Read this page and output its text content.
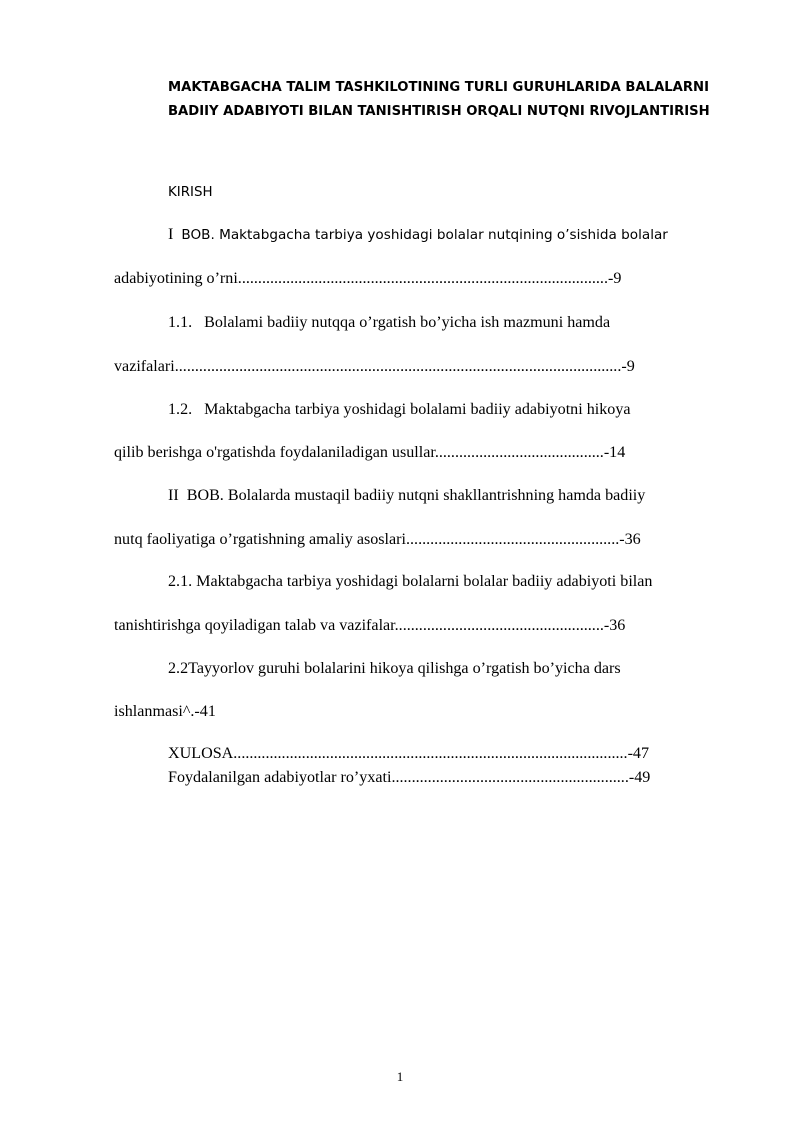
MAKTABGACHA TALIM TASHKILOTINING TURLI GURUHLARIDA BALALARNI BADIIY ADABIYOTI BILAN TANISHTIRISH ORQALI NUTQNI RIVOJLANTIRISH

KIRISH
I BOB. Maktabgacha tarbiya yoshidagi bolalar nutqining o’sishida bolalar
adabiyotining o’rni............................................................................................-9
1.1. Bolalami badiiy nutqqa o’rgatish bo’yicha ish mazmuni hamda
vazifalari...............................................................................................................-9
1.2. Maktabgacha tarbiya yoshidagi bolalami badiiy adabiyotni hikoya
qilib berishga o'rgatishda foydalaniladigan usullar..........................................-14
II BOB. Bolalarda mustaqil badiiy nutqni shakllantrishning hamda badiiy
nutq faoliyatiga o’rgatishning amaliy asoslari.....................................................-36
2.1. Maktabgacha tarbiya yoshidagi bolalarni bolalar badiiy adabiyoti bilan
tanishtirishga qoyiladigan talab va vazifalar....................................................-36
2.2Tayyorlov guruhi bolalarini hikoya qilishga o’rgatish bo’yicha dars
ishlanmasi^.-41
XULOSA..................................................................................................-47
Foydalanilgan adabiyotlar ro’yxati...........................................................-49
1
